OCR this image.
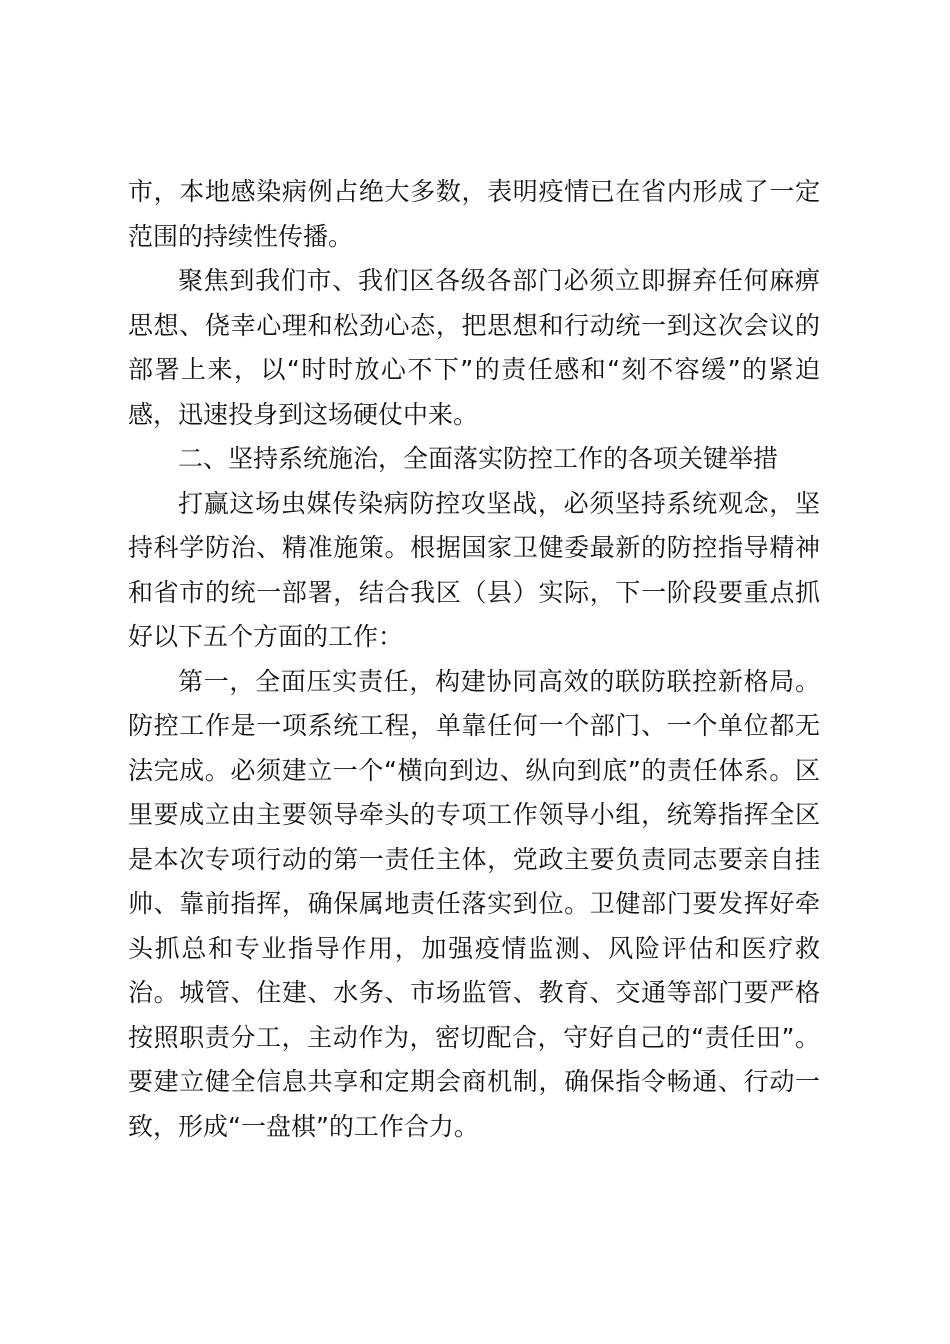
市，本地感染病例占绝大多数，表明疫情已在省内形成了一定
范围的持续性传播。

聚焦到我们市、我们区各级各部门必须立即摒弃任何麻痹
思想、侥幸心理和松劲心态，把思想和行动统一到这次会议的
部署上来，以“时时放心不下”的责任感和“刻不容缓”的紧迫
感，迅速投身到这场硬仗中来。

二、坚持系统施治，全面落实防控工作的各项关键举措

打赢这场虫媒传染病防控攻坚战，必须坚持系统观念，坚
持科学防治、精准施策。根据国家卫健委最新的防控指导精神
和省市的统一部署，结合我区（县）实际，下一阶段要重点抓
好以下五个方面的工作：

第一，全面压实责任，构建协同高效的联防联控新格局。
防控工作是一项系统工程，单靠任何一个部门、一个单位都无
法完成。必须建立一个“横向到边、纵向到底”的责任体系。区
里要成立由主要领导牵头的专项工作领导小组，统筹指挥全区
是本次专项行动的第一责任主体，党政主要负责同志要亲自挂
帅、靠前指挥，确保属地责任落实到位。卫健部门要发挥好牵
头抓总和专业指导作用，加强疫情监测、风险评估和医疗救
治。城管、住建、水务、市场监管、教育、交通等部门要严格
按照职责分工，主动作为，密切配合，守好自己的“责任田”。
要建立健全信息共享和定期会商机制，确保指令畅通、行动一
致，形成“一盘棋”的工作合力。
